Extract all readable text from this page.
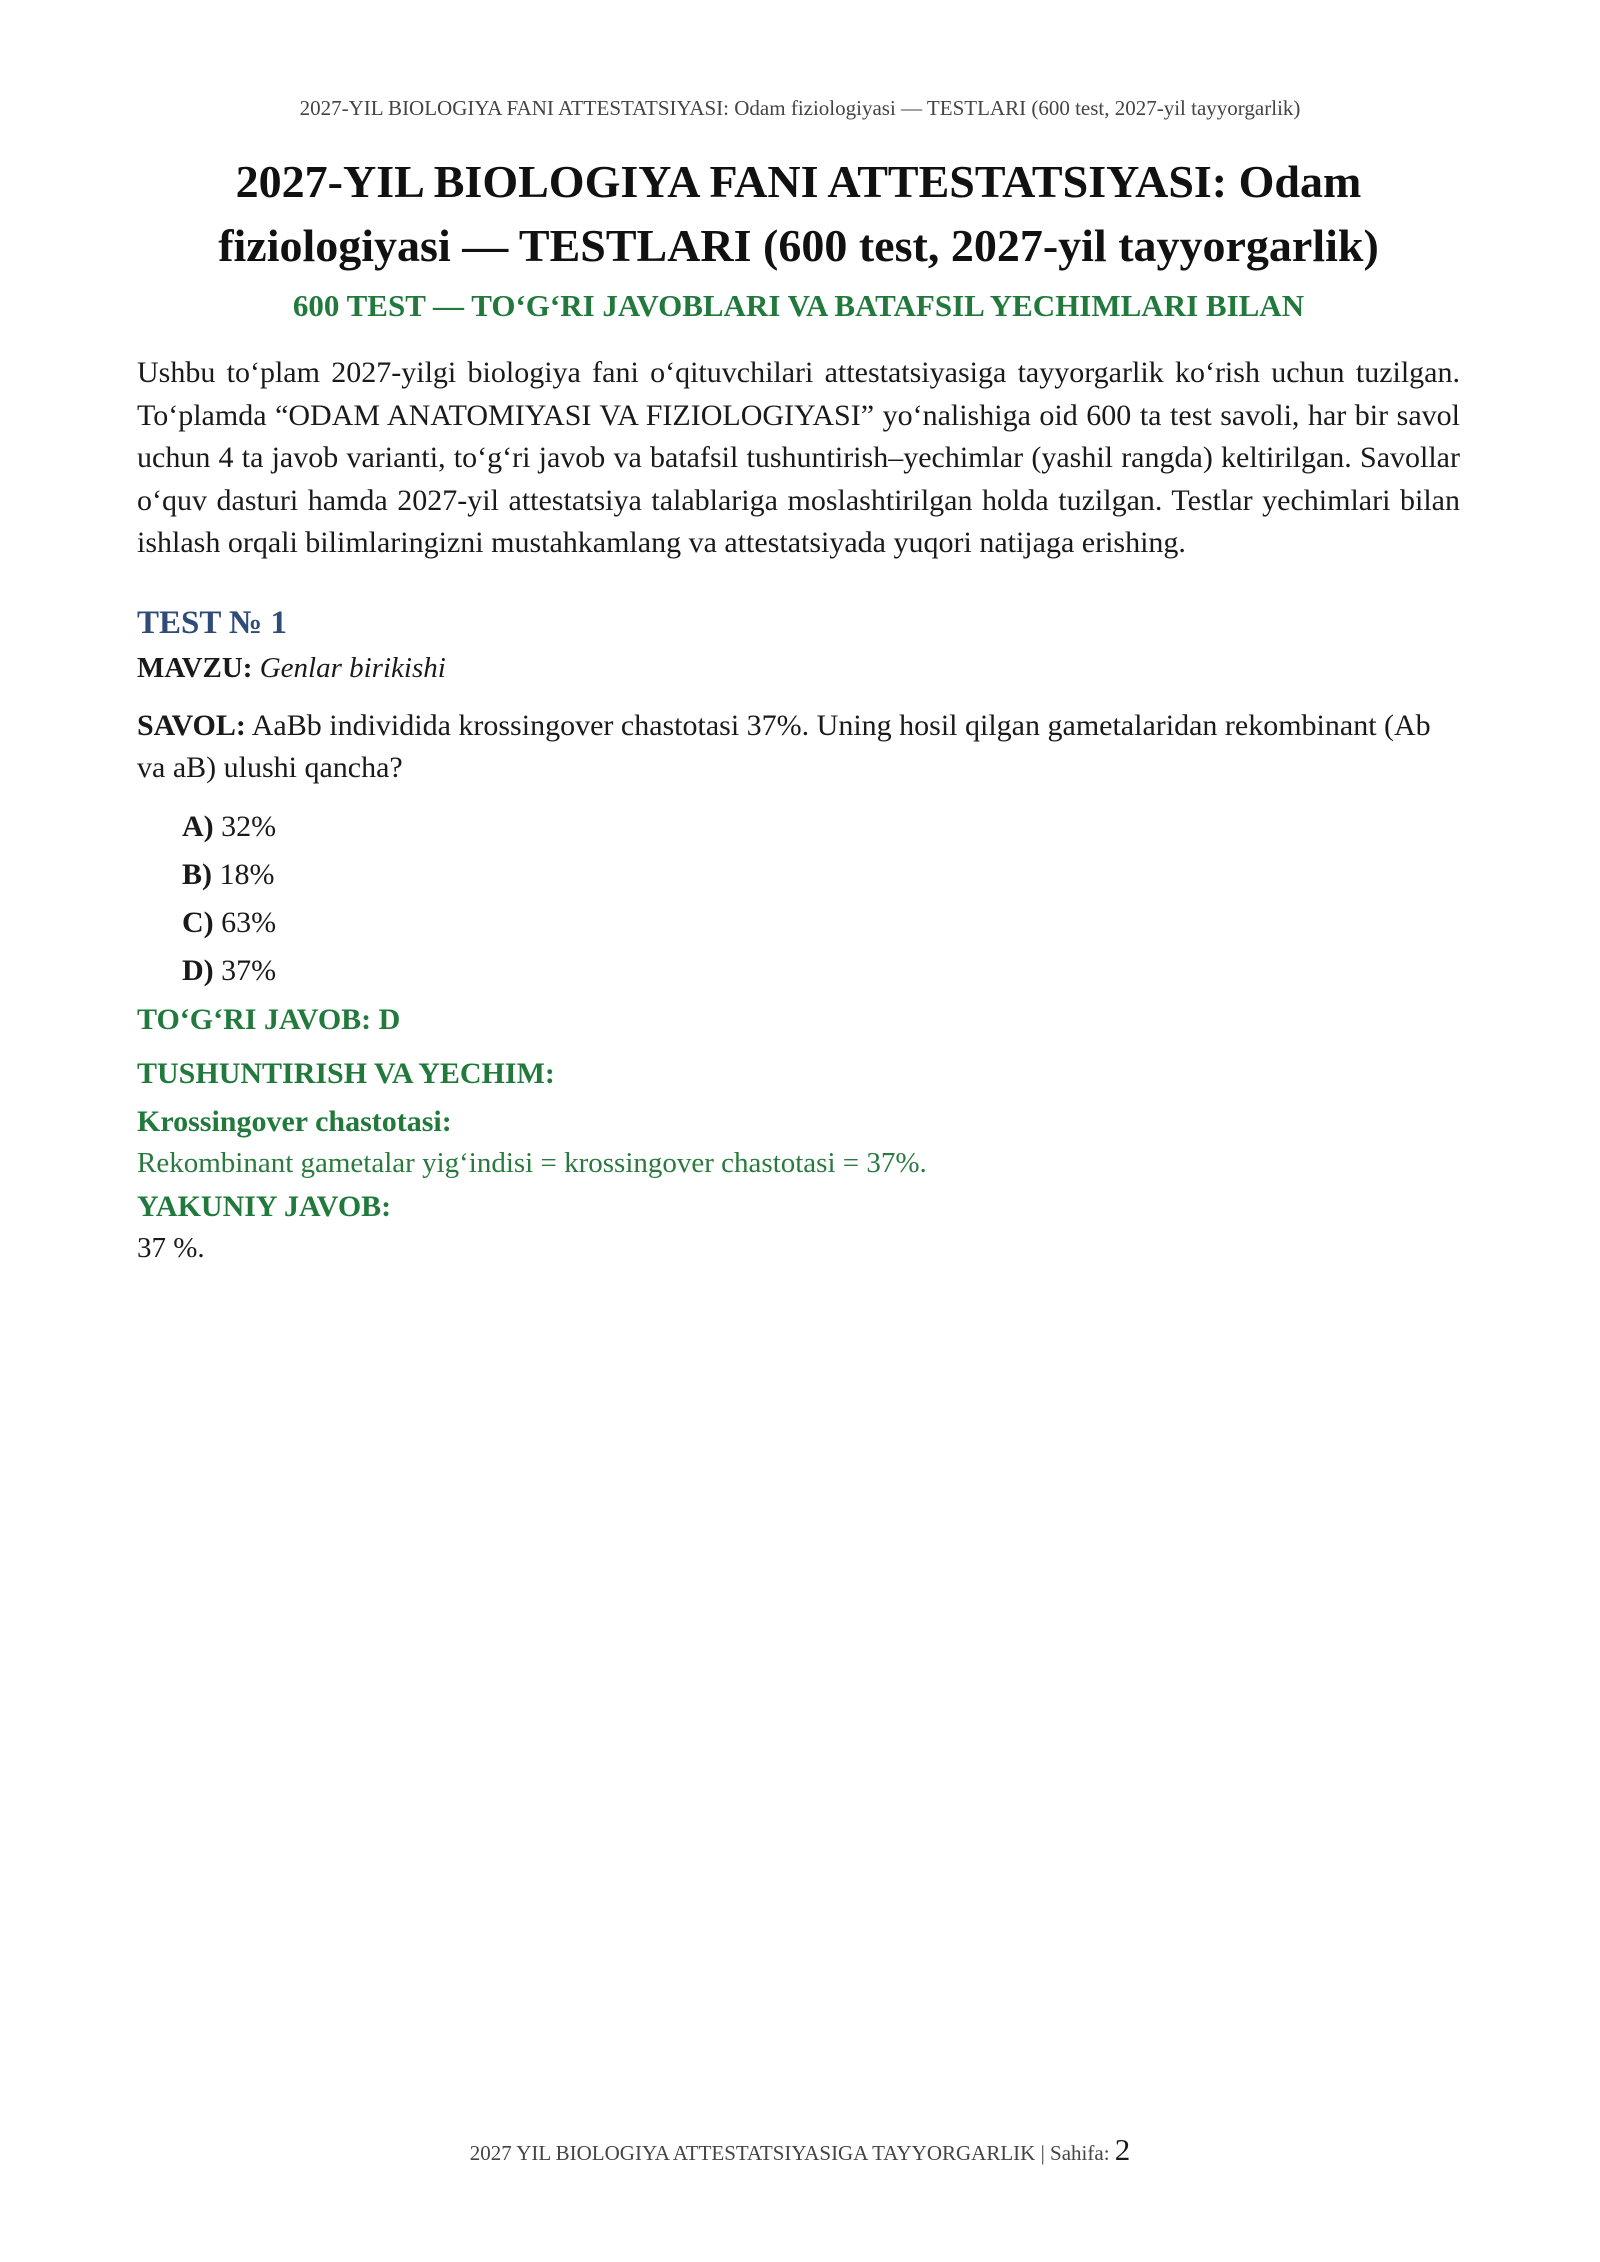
2027-YIL BIOLOGIYA FANI ATTESTATSIYASI: Odam fiziologiyasi — TESTLARI (600 test, 2027-yil tayyorgarlik)
2027-YIL BIOLOGIYA FANI ATTESTATSIYASI: Odam
fiziologiyasi — TESTLARI (600 test, 2027-yil tayyorgarlik)
600 TEST — TO‘G‘RI JAVOBLARI VA BATAFSIL YECHIMLARI BILAN

Ushbu to‘plam 2027-yilgi biologiya fani o‘qituvchilari attestatsiyasiga tayyorgarlik ko‘rish uchun tuzilgan. To‘plamda “ODAM ANATOMIYASI VA FIZIOLOGIYASI” yo‘nalishiga oid 600 ta test savoli, har bir savol uchun 4 ta javob varianti, to‘g‘ri javob va batafsil tushuntirish–yechimlar (yashil rangda) keltirilgan. Savollar o‘quv dasturi hamda 2027-yil attestatsiya talablariga moslashtirilgan holda tuzilgan. Testlar yechimlari bilan ishlash orqali bilimlaringizni mustahkamlang va attestatsiyada yuqori natijaga erishing.

TEST № 1
MAVZU: Genlar birikishi
SAVOL: AaBb individida krossingover chastotasi 37%. Uning hosil qilgan gametalaridan rekombinant (Ab va aB) ulushi qancha?
A) 32%
B) 18%
C) 63%
D) 37%
TO‘G‘RI JAVOB: D
TUSHUNTIRISH VA YECHIM:
Krossingover chastotasi:
Rekombinant gametalar yig‘indisi = krossingover chastotasi = 37%.
YAKUNIY JAVOB:
37 %.
2027 YIL BIOLOGIYA ATTESTATSIYASIGA TAYYORGARLIK | Sahifa: 2
